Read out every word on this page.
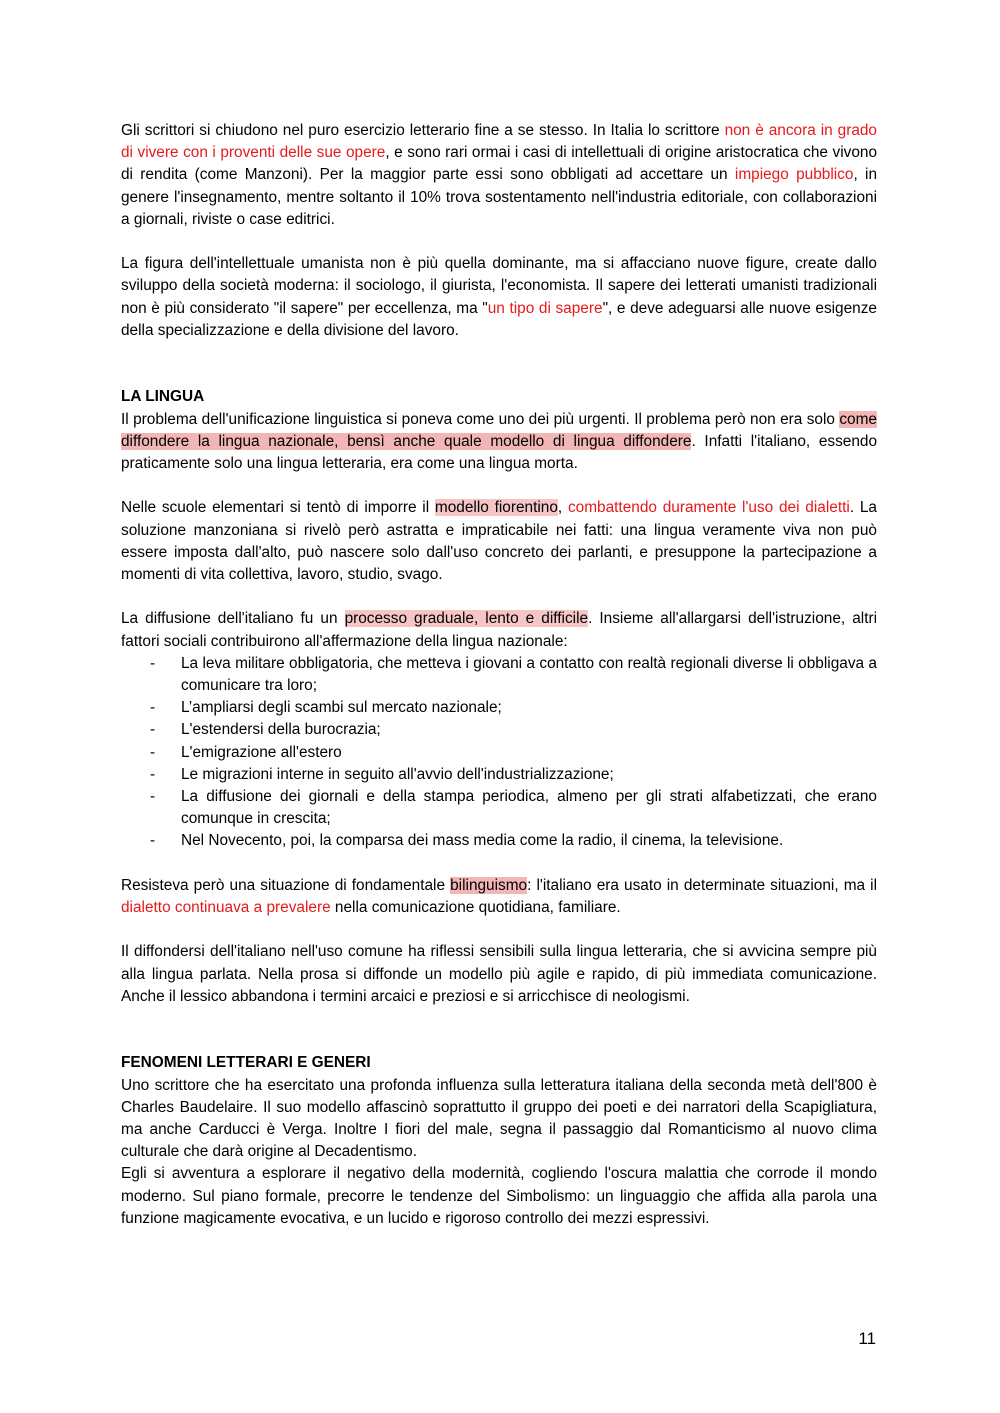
Gli scrittori si chiudono nel puro esercizio letterario fine a se stesso. In Italia lo scrittore non è ancora in grado di vivere con i proventi delle sue opere, e sono rari ormai i casi di intellettuali di origine aristocratica che vivono di rendita (come Manzoni). Per la maggior parte essi sono obbligati ad accettare un impiego pubblico, in genere l'insegnamento, mentre soltanto il 10% trova sostentamento nell'industria editoriale, con collaborazioni a giornali, riviste o case editrici.

La figura dell'intellettuale umanista non è più quella dominante, ma si affacciano nuove figure, create dallo sviluppo della società moderna: il sociologo, il giurista, l'economista. Il sapere dei letterati umanisti tradizionali non è più considerato "il sapere" per eccellenza, ma "un tipo di sapere", e deve adeguarsi alle nuove esigenze della specializzazione e della divisione del lavoro.

LA LINGUA

Il problema dell'unificazione linguistica si poneva come uno dei più urgenti. Il problema però non era solo come diffondere la lingua nazionale, bensì anche quale modello di lingua diffondere. Infatti l'italiano, essendo praticamente solo una lingua letteraria, era come una lingua morta.

Nelle scuole elementari si tentò di imporre il modello fiorentino, combattendo duramente l'uso dei dialetti. La soluzione manzoniana si rivelò però astratta e impraticabile nei fatti: una lingua veramente viva non può essere imposta dall'alto, può nascere solo dall'uso concreto dei parlanti, e presuppone la partecipazione a momenti di vita collettiva, lavoro, studio, svago.

La diffusione dell'italiano fu un processo graduale, lento e difficile. Insieme all'allargarsi dell'istruzione, altri fattori sociali contribuirono all'affermazione della lingua nazionale:

- La leva militare obbligatoria, che metteva i giovani a contatto con realtà regionali diverse li obbligava a comunicare tra loro;
- L’ampliarsi degli scambi sul mercato nazionale;
- L'estendersi della burocrazia;
- L'emigrazione all'estero
- Le migrazioni interne in seguito all'avvio dell'industrializzazione;
- La diffusione dei giornali e della stampa periodica, almeno per gli strati alfabetizzati, che erano comunque in crescita;
- Nel Novecento, poi, la comparsa dei mass media come la radio, il cinema, la televisione.

Resisteva però una situazione di fondamentale bilinguismo: l'italiano era usato in determinate situazioni, ma il dialetto continuava a prevalere nella comunicazione quotidiana, familiare.

Il diffondersi dell'italiano nell'uso comune ha riflessi sensibili sulla lingua letteraria, che si avvicina sempre più alla lingua parlata. Nella prosa si diffonde un modello più agile e rapido, di più immediata comunicazione. Anche il lessico abbandona i termini arcaici e preziosi e si arricchisce di neologismi.

FENOMENI LETTERARI E GENERI

Uno scrittore che ha esercitato una profonda influenza sulla letteratura italiana della seconda metà dell'800 è Charles Baudelaire. Il suo modello affascinò soprattutto il gruppo dei poeti e dei narratori della Scapigliatura, ma anche Carducci è Verga. Inoltre I fiori del male, segna il passaggio dal Romanticismo al nuovo clima culturale che darà origine al Decadentismo.

Egli si avventura a esplorare il negativo della modernità, cogliendo l'oscura malattia che corrode il mondo moderno. Sul piano formale, precorre le tendenze del Simbolismo: un linguaggio che affida alla parola una funzione magicamente evocativa, e un lucido e rigoroso controllo dei mezzi espressivi.

11
